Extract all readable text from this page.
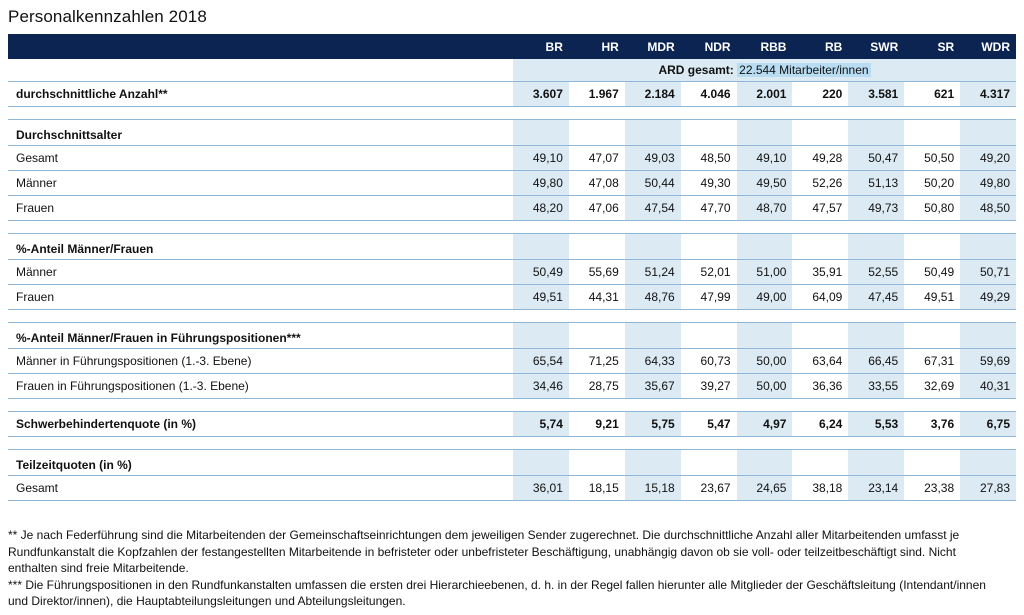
Personalkennzahlen 2018
	BR	HR	MDR	NDR	RBB	RB	SWR	SR	WDR
	ARD gesamt: 22.544 Mitarbeiter/innen								
durchschnittliche Anzahl**	3.607	1.967	2.184	4.046	2.001	220	3.581	621	4.317

Durchschnittsalter									
Gesamt	49,10	47,07	49,03	48,50	49,10	49,28	50,47	50,50	49,20
Männer	49,80	47,08	50,44	49,30	49,50	52,26	51,13	50,20	49,80
Frauen	48,20	47,06	47,54	47,70	48,70	47,57	49,73	50,80	48,50

%-Anteil Männer/Frauen									
Männer	50,49	55,69	51,24	52,01	51,00	35,91	52,55	50,49	50,71
Frauen	49,51	44,31	48,76	47,99	49,00	64,09	47,45	49,51	49,29

%-Anteil Männer/Frauen in Führungspositionen***									
Männer in Führungspositionen (1.-3. Ebene)	65,54	71,25	64,33	60,73	50,00	63,64	66,45	67,31	59,69
Frauen in Führungspositionen (1.-3. Ebene)	34,46	28,75	35,67	39,27	50,00	36,36	33,55	32,69	40,31

Schwerbehindertenquote (in %)	5,74	9,21	5,75	5,47	4,97	6,24	5,53	3,76	6,75

Teilzeitquoten (in %)									
Gesamt	36,01	18,15	15,18	23,67	24,65	38,18	23,14	23,38	27,83
** Je nach Federführung sind die Mitarbeitenden der Gemeinschaftseinrichtungen dem jeweiligen Sender zugerechnet. Die durchschnittliche Anzahl aller Mitarbeitenden umfasst je Rundfunkanstalt die Kopfzahlen der festangestellten Mitarbeitende in befristeter oder unbefristeter Beschäftigung, unabhängig davon ob sie voll- oder teilzeitbeschäftigt sind. Nicht enthalten sind freie Mitarbeitende.
*** Die Führungspositionen in den Rundfunkanstalten umfassen die ersten drei Hierarchieebenen, d. h. in der Regel fallen hierunter alle Mitglieder der Geschäftsleitung (Intendant/innen und Direktor/innen), die Hauptabteilungsleitungen und Abteilungsleitungen.
